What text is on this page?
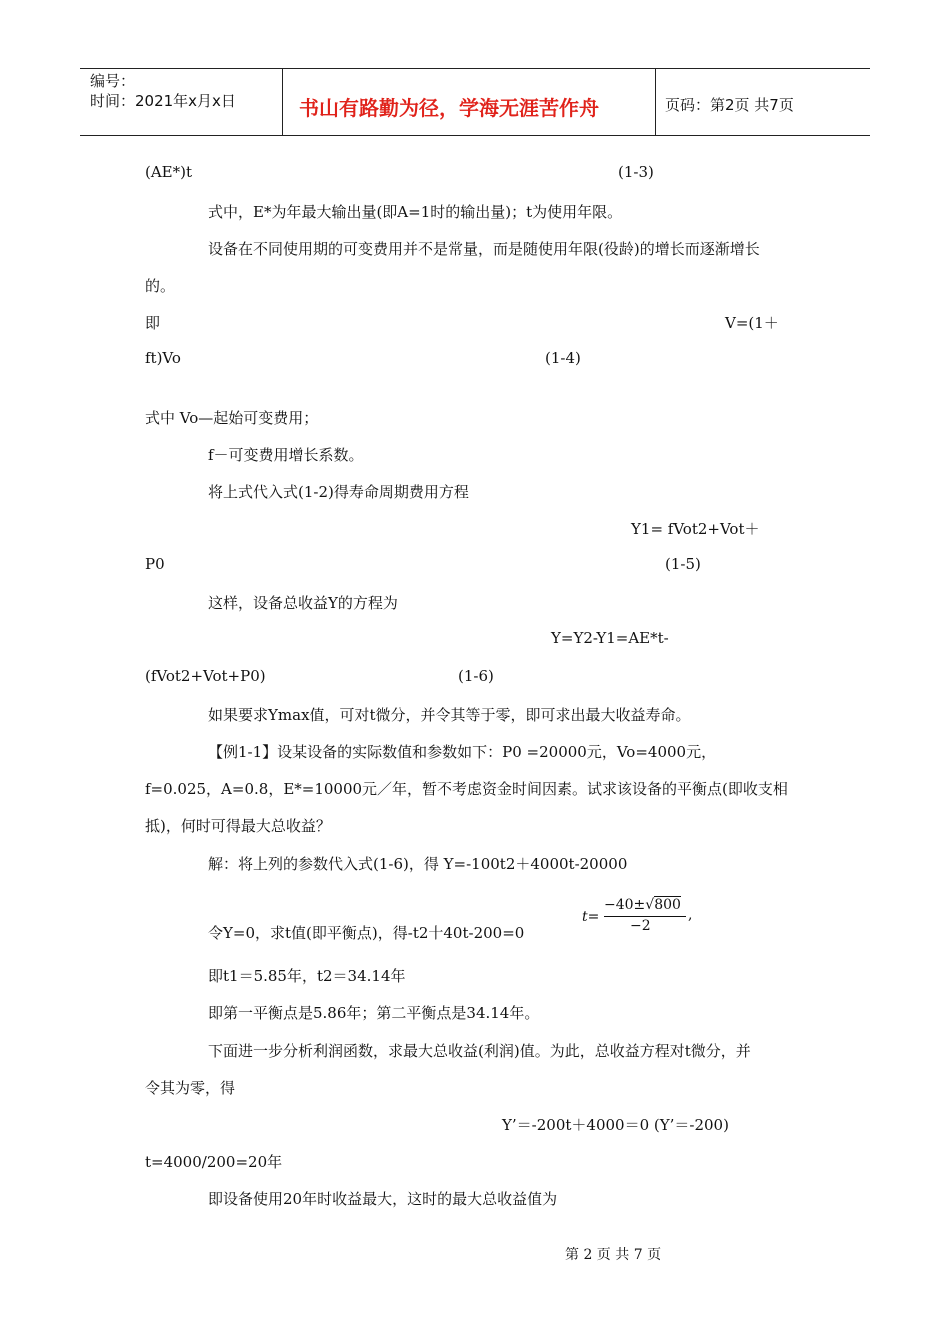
编号：
时间：2021年x月x日	书山有路勤为径，学海无涯苦作舟	页码：第2页 共7页
(AE*)t	(1-3)
式中，E*为年最大输出量(即A=1时的输出量)；t为使用年限。
设备在不同使用期的可变费用并不是常量，而是随使用年限(役龄)的增长而逐渐增长
的。
即	V=(1＋
ft)Vo	(1-4)
式中 Vo—起始可变费用；
f－可变费用增长系数。
将上式代入式(1-2)得寿命周期费用方程
Y1= fVot2+Vot＋
P0	(1-5)
这样，设备总收益Y的方程为
Y=Y2-Y1=AE*t-
(fVot2+Vot+P0)	(1-6)
如果要求Ymax值，可对t微分，并令其等于零，即可求出最大收益寿命。
【例1-1】设某设备的实际数值和参数如下：P0 =20000元，Vo=4000元，
f=0.025，A=0.8，E*=10000元／年，暂不考虑资金时间因素。试求该设备的平衡点(即收支相
抵)，何时可得最大总收益？
解：将上列的参数代入式(1-6)，得 Y=-100t2＋4000t-20000
令Y=0，求t值(即平衡点)，得-t2十40t-200=0
t=
−40±√800
−2
,
即t1＝5.85年，t2＝34.14年
即第一平衡点是5.86年；第二平衡点是34.14年。
下面进一步分析利润函数，求最大总收益(利润)值。为此，总收益方程对t微分，并
令其为零，得
Y’＝-200t＋4000＝0 (Y’＝-200)
t=4000/200=20年
即设备使用20年时收益最大，这时的最大总收益值为
第 2 页 共 7 页
